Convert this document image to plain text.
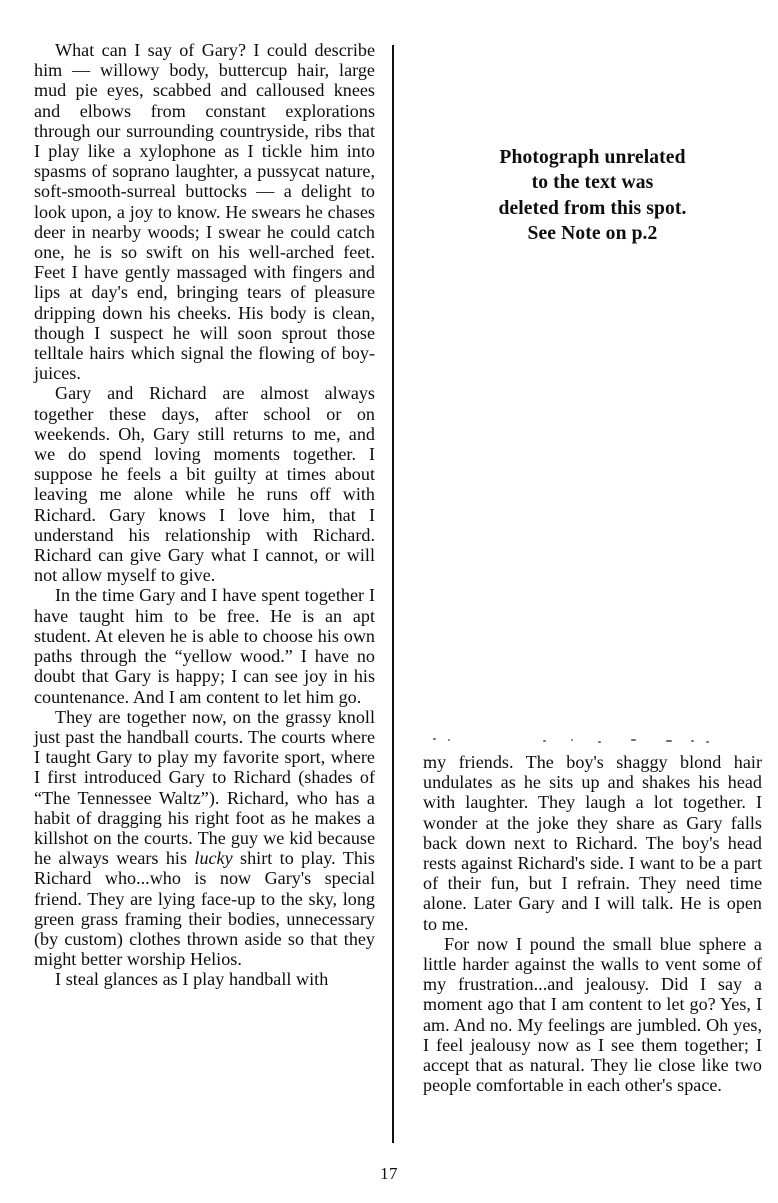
What can I say of Gary? I could describe him — willowy body, buttercup hair, large mud pie eyes, scabbed and calloused knees and elbows from constant explorations through our surrounding countryside, ribs that I play like a xylophone as I tickle him into spasms of soprano laughter, a pussycat nature, soft-smooth-surreal buttocks — a delight to look upon, a joy to know. He swears he chases deer in nearby woods; I swear he could catch one, he is so swift on his well-arched feet. Feet I have gently massaged with fingers and lips at day's end, bringing tears of pleasure dripping down his cheeks. His body is clean, though I suspect he will soon sprout those telltale hairs which signal the flowing of boy-juices.

Gary and Richard are almost always together these days, after school or on weekends. Oh, Gary still returns to me, and we do spend loving moments together. I suppose he feels a bit guilty at times about leaving me alone while he runs off with Richard. Gary knows I love him, that I understand his relationship with Richard. Richard can give Gary what I cannot, or will not allow myself to give.

In the time Gary and I have spent together I have taught him to be free. He is an apt student. At eleven he is able to choose his own paths through the “yellow wood.” I have no doubt that Gary is happy; I can see joy in his countenance. And I am content to let him go.

They are together now, on the grassy knoll just past the handball courts. The courts where I taught Gary to play my favorite sport, where I first introduced Gary to Richard (shades of “The Tennessee Waltz”). Richard, who has a habit of dragging his right foot as he makes a killshot on the courts. The guy we kid because he always wears his lucky shirt to play. This Richard who...who is now Gary's special friend. They are lying face-up to the sky, long green grass framing their bodies, unnecessary (by custom) clothes thrown aside so that they might better worship Helios.

I steal glances as I play handball with

Photograph unrelated
to the text was
deleted from this spot.
See Note on p.2

my friends. The boy's shaggy blond hair undulates as he sits up and shakes his head with laughter. They laugh a lot together. I wonder at the joke they share as Gary falls back down next to Richard. The boy's head rests against Richard's side. I want to be a part of their fun, but I refrain. They need time alone. Later Gary and I will talk. He is open to me.

For now I pound the small blue sphere a little harder against the walls to vent some of my frustration...and jealousy. Did I say a moment ago that I am content to let go? Yes, I am. And no. My feelings are jumbled. Oh yes, I feel jealousy now as I see them together; I accept that as natural. They lie close like two people comfortable in each other's space.

17
